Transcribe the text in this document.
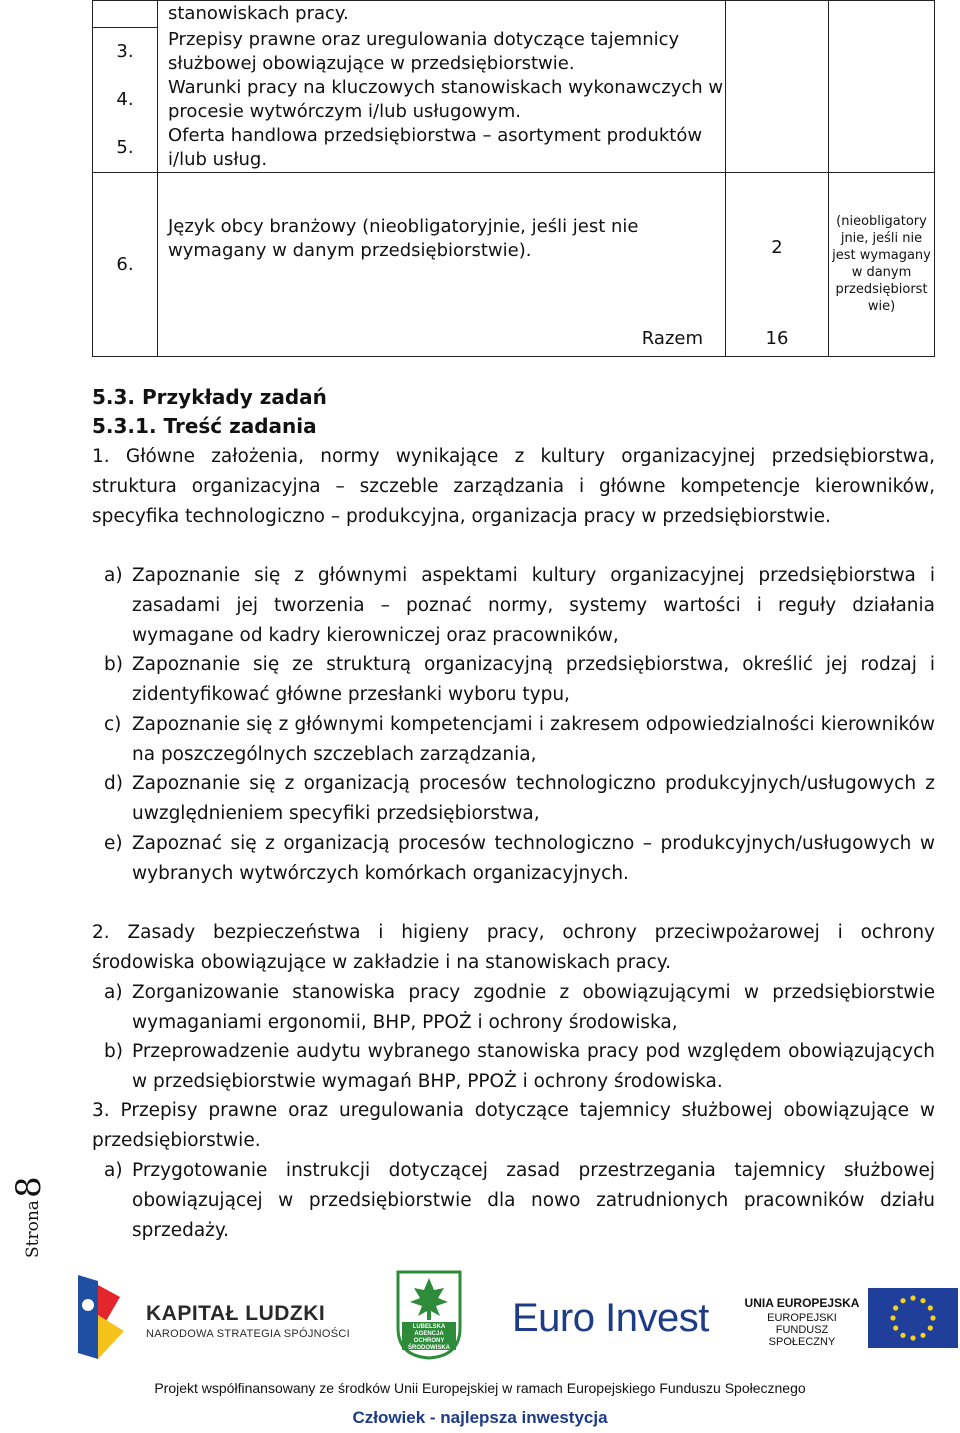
	stanowiskach pracy.		
3.	Przepisy prawne oraz uregulowania dotyczące tajemnicy służbowej obowiązujące w przedsiębiorstwie.		
4.	Warunki pracy na kluczowych stanowiskach wykonawczych w procesie wytwórczym i/lub usługowym.		
5.	Oferta handlowa przedsiębiorstwa – asortyment produktów i/lub usług.		
6.	Język obcy branżowy (nieobligatoryjnie, jeśli jest nie wymagany w danym przedsiębiorstwie).	2	(nieobligatory jnie, jeśli nie jest wymagany w danym przedsiębiorst wie)
	Razem	16	
5.3. Przykłady zadań
5.3.1. Treść zadania
1. Główne założenia, normy wynikające z kultury organizacyjnej przedsiębiorstwa, struktura organizacyjna – szczeble zarządzania i główne kompetencje kierowników, specyfika technologiczno – produkcyjna, organizacja pracy w przedsiębiorstwie.
a) Zapoznanie się z głównymi aspektami kultury organizacyjnej przedsiębiorstwa i zasadami jej tworzenia – poznać normy, systemy wartości i reguły działania wymagane od kadry kierowniczej oraz pracowników,
b) Zapoznanie się ze strukturą organizacyjną przedsiębiorstwa, określić jej rodzaj i zidentyfikować główne przesłanki wyboru typu,
c) Zapoznanie się z głównymi kompetencjami i zakresem odpowiedzialności kierowników na poszczególnych szczeblach zarządzania,
d) Zapoznanie się z organizacją procesów technologiczno produkcyjnych/usługowych z uwzględnieniem specyfiki przedsiębiorstwa,
e) Zapoznać się z organizacją procesów technologiczno – produkcyjnych/usługowych w wybranych wytwórczych komórkach organizacyjnych.
2. Zasady bezpieczeństwa i higieny pracy, ochrony przeciwpożarowej i ochrony środowiska obowiązujące w zakładzie i na stanowiskach pracy.
a) Zorganizowanie stanowiska pracy zgodnie z obowiązującymi w przedsiębiorstwie wymaganiami ergonomii, BHP, PPOŻ i ochrony środowiska,
b) Przeprowadzenie audytu wybranego stanowiska pracy pod względem obowiązujących w przedsiębiorstwie wymagań BHP, PPOŻ i ochrony środowiska.
3. Przepisy prawne oraz uregulowania dotyczące tajemnicy służbowej obowiązujące w przedsiębiorstwie.
a) Przygotowanie instrukcji dotyczącej zasad przestrzegania tajemnicy służbowej obowiązującej w przedsiębiorstwie dla nowo zatrudnionych pracowników działu sprzedaży.
Strona
8
KAPITAŁ LUDZKI
NARODOWA STRATEGIA SPÓJNOŚCI
LUBELSKA AGENCJA OCHRONY ŚRODOWISKA
Euro Invest	UNIA EUROPEJSKA
EUROPEJSKI
FUNDUSZ SPOŁECZNY
Projekt współfinansowany ze środków Unii Europejskiej w ramach Europejskiego Funduszu Społecznego
Człowiek - najlepsza inwestycja
